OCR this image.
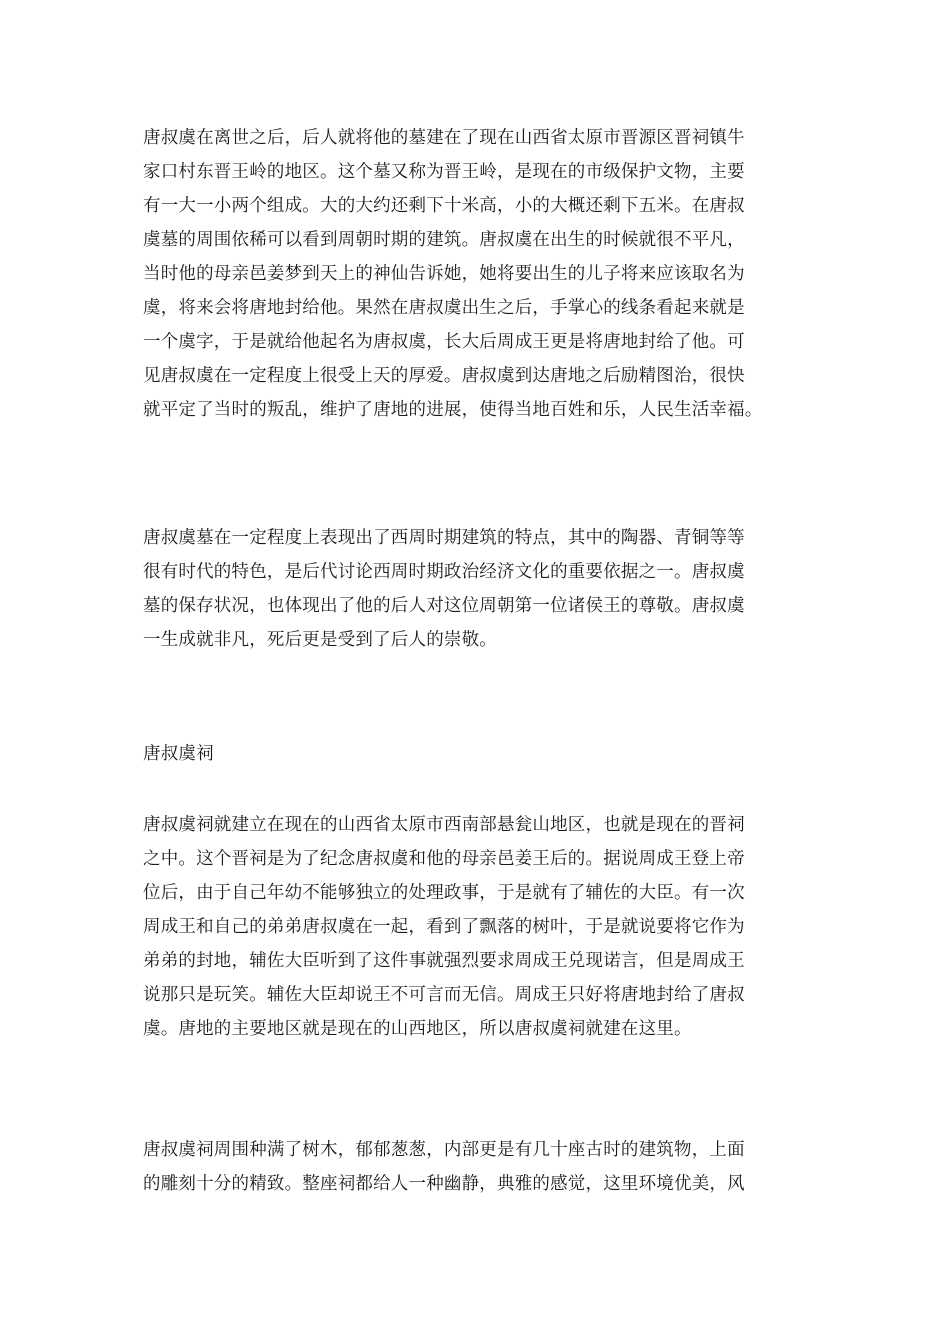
唐叔虞在离世之后，后人就将他的墓建在了现在山西省太原市晋源区晋祠镇牛
家口村东晋王岭的地区。这个墓又称为晋王岭，是现在的市级保护文物，主要
有一大一小两个组成。大的大约还剩下十米高，小的大概还剩下五米。在唐叔
虞墓的周围依稀可以看到周朝时期的建筑。唐叔虞在出生的时候就很不平凡，
当时他的母亲邑姜梦到天上的神仙告诉她，她将要出生的儿子将来应该取名为
虞，将来会将唐地封给他。果然在唐叔虞出生之后，手掌心的线条看起来就是
一个虞字，于是就给他起名为唐叔虞，长大后周成王更是将唐地封给了他。可
见唐叔虞在一定程度上很受上天的厚爱。唐叔虞到达唐地之后励精图治，很快
就平定了当时的叛乱，维护了唐地的进展，使得当地百姓和乐，人民生活幸福。
唐叔虞墓在一定程度上表现出了西周时期建筑的特点，其中的陶器、青铜等等
很有时代的特色，是后代讨论西周时期政治经济文化的重要依据之一。唐叔虞
墓的保存状况，也体现出了他的后人对这位周朝第一位诸侯王的尊敬。唐叔虞
一生成就非凡，死后更是受到了后人的崇敬。
唐叔虞祠
唐叔虞祠就建立在现在的山西省太原市西南部悬瓮山地区，也就是现在的晋祠
之中。这个晋祠是为了纪念唐叔虞和他的母亲邑姜王后的。据说周成王登上帝
位后，由于自己年幼不能够独立的处理政事，于是就有了辅佐的大臣。有一次
周成王和自己的弟弟唐叔虞在一起，看到了飘落的树叶，于是就说要将它作为
弟弟的封地，辅佐大臣听到了这件事就强烈要求周成王兑现诺言，但是周成王
说那只是玩笑。辅佐大臣却说王不可言而无信。周成王只好将唐地封给了唐叔
虞。唐地的主要地区就是现在的山西地区，所以唐叔虞祠就建在这里。
唐叔虞祠周围种满了树木，郁郁葱葱，内部更是有几十座古时的建筑物，上面
的雕刻十分的精致。整座祠都给人一种幽静，典雅的感觉，这里环境优美，风
